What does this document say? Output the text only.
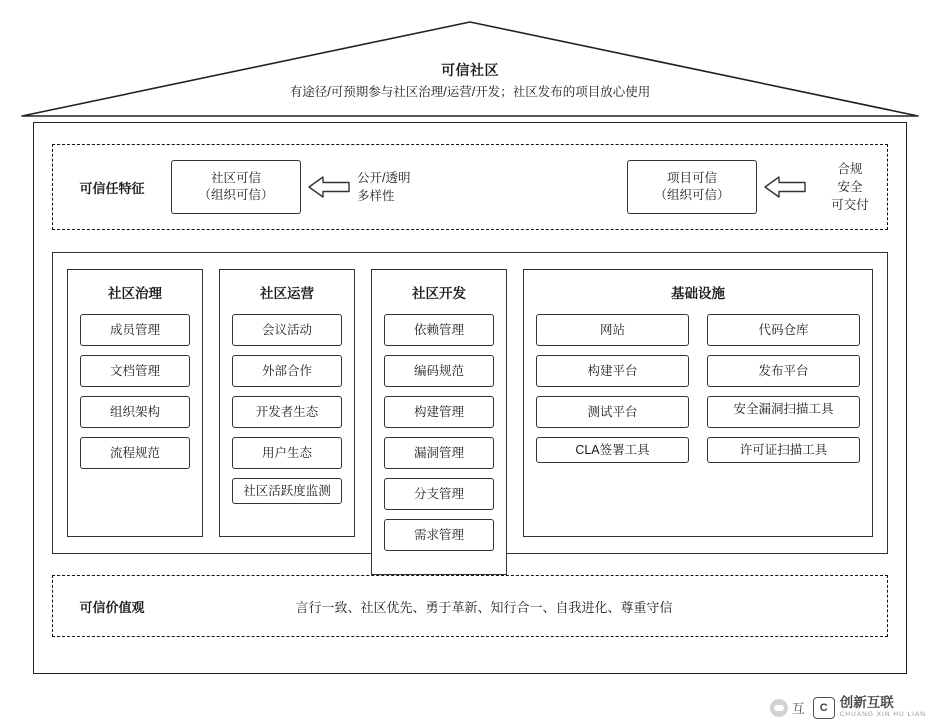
可信社区
有途径/可预期参与社区治理/运营/开发；社区发布的项目放心使用
可信任特征
社区可信
（组织可信）
公开/透明
多样性
项目可信
（组织可信）
合规
安全
可交付
社区治理
成员管理
文档管理
组织架构
流程规范
社区运营
会议活动
外部合作
开发者生态
用户生态
社区活跃度监测
社区开发
依赖管理
编码规范
构建管理
漏洞管理
分支管理
需求管理
基础设施
网站	代码仓库
构建平台	发布平台
测试平台	安全漏洞扫描工具
CLA签署工具	许可证扫描工具
可信价值观	言行一致、社区优先、勇于革新、知行合一、自我进化、尊重守信
互	C 创新互联
CHUANG XIN HU LIAN
